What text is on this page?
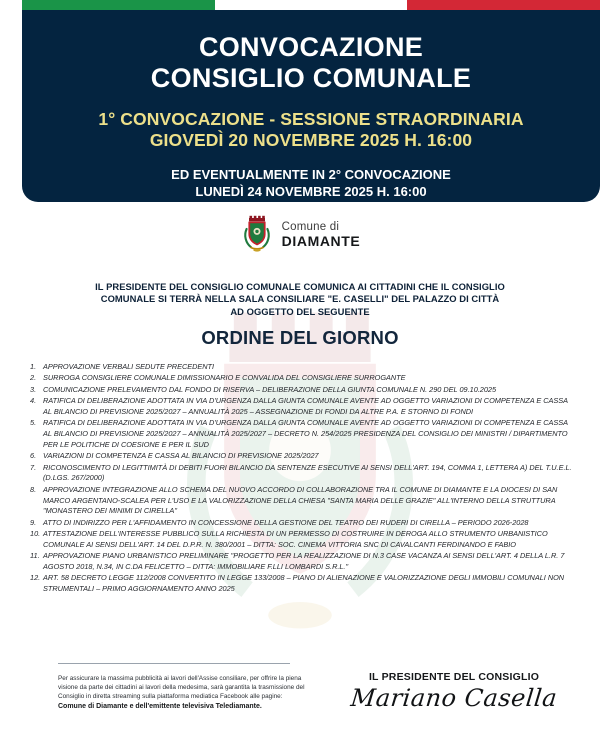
CONVOCAZIONE
CONSIGLIO COMUNALE
1° CONVOCAZIONE - SESSIONE STRAORDINARIA
GIOVEDÌ 20 NOVEMBRE 2025 H. 16:00
ED EVENTUALMENTE IN 2° CONVOCAZIONE
LUNEDÌ 24 NOVEMBRE 2025 H. 16:00
Comune di
DIAMANTE
IL PRESIDENTE DEL CONSIGLIO COMUNALE COMUNICA AI CITTADINI CHE IL CONSIGLIO
COMUNALE SI TERRÀ NELLA SALA CONSILIARE "E. CASELLI" DEL PALAZZO DI CITTÀ
AD OGGETTO DEL SEGUENTE
ORDINE DEL GIORNO
1. APPROVAZIONE VERBALI SEDUTE PRECEDENTI
2. SURROGA CONSIGLIERE COMUNALE DIMISSIONARIO E CONVALIDA DEL CONSIGLIERE SURROGANTE
3. COMUNICAZIONE PRELEVAMENTO DAL FONDO DI RISERVA – DELIBERAZIONE DELLA GIUNTA COMUNALE N. 290 DEL 09.10.2025
4. RATIFICA DI DELIBERAZIONE ADOTTATA IN VIA D'URGENZA DALLA GIUNTA COMUNALE AVENTE AD OGGETTO VARIAZIONI DI COMPETENZA E CASSA AL BILANCIO DI PREVISIONE 2025/2027 – ANNUALITÀ 2025 – ASSEGNAZIONE DI FONDI DA ALTRE P.A. E STORNO DI FONDI
5. RATIFICA DI DELIBERAZIONE ADOTTATA IN VIA D'URGENZA DALLA GIUNTA COMUNALE AVENTE AD OGGETTO VARIAZIONI DI COMPETENZA E CASSA AL BILANCIO DI PREVISIONE 2025/2027 – ANNUALITÀ 2025/2027 – DECRETO N. 254/2025 PRESIDENZA DEL CONSIGLIO DEI MINISTRI / DIPARTIMENTO PER LE POLITICHE DI COESIONE E PER IL SUD
6. VARIAZIONI DI COMPETENZA E CASSA AL BILANCIO DI PREVISIONE 2025/2027
7. RICONOSCIMENTO DI LEGITTIMITÀ DI DEBITI FUORI BILANCIO DA SENTENZE ESECUTIVE AI SENSI DELL'ART. 194, COMMA 1, LETTERA A) DEL T.U.E.L. (D.LGS. 267/2000)
8. APPROVAZIONE INTEGRAZIONE ALLO SCHEMA DEL NUOVO ACCORDO DI COLLABORAZIONE TRA IL COMUNE DI DIAMANTE E LA DIOCESI DI SAN MARCO ARGENTANO-SCALEA PER L'USO E LA VALORIZZAZIONE DELLA CHIESA "SANTA MARIA DELLE GRAZIE" ALL'INTERNO DELLA STRUTTURA "MONASTERO DEI MINIMI DI CIRELLA"
9. ATTO DI INDIRIZZO PER L'AFFIDAMENTO IN CONCESSIONE DELLA GESTIONE DEL TEATRO DEI RUDERI DI CIRELLA – PERIODO 2026-2028
10. ATTESTAZIONE DELL'INTERESSE PUBBLICO SULLA RICHIESTA DI UN PERMESSO DI COSTRUIRE IN DEROGA ALLO STRUMENTO URBANISTICO COMUNALE AI SENSI DELL'ART. 14 DEL D.P.R. N. 380/2001 – DITTA: SOC. CINEMA VITTORIA SNC DI CAVALCANTI FERDINANDO E FABIO
11. APPROVAZIONE PIANO URBANISTICO PRELIMINARE "PROGETTO PER LA REALIZZAZIONE DI N.3 CASE VACANZA AI SENSI DELL'ART. 4 DELLA L.R. 7 AGOSTO 2018, N.34, IN C.DA FELICETTO – DITTA: IMMOBILIARE F.LLI LOMBARDI S.R.L."
12. ART. 58 DECRETO LEGGE 112/2008 CONVERTITO IN LEGGE 133/2008 – PIANO DI ALIENAZIONE E VALORIZZAZIONE DEGLI IMMOBILI COMUNALI NON STRUMENTALI – PRIMO AGGIORNAMENTO ANNO 2025
Per assicurare la massima pubblicità ai lavori dell'Assise consiliare, per offrire la piena visione da parte dei cittadini ai lavori della medesima, sarà garantita la trasmissione del Consiglio in diretta streaming sulla piattaforma mediatica Facebook alle pagine: Comune di Diamante e dell'emittente televisiva Telediamante.
IL PRESIDENTE DEL CONSIGLIO
Mariano Casella
